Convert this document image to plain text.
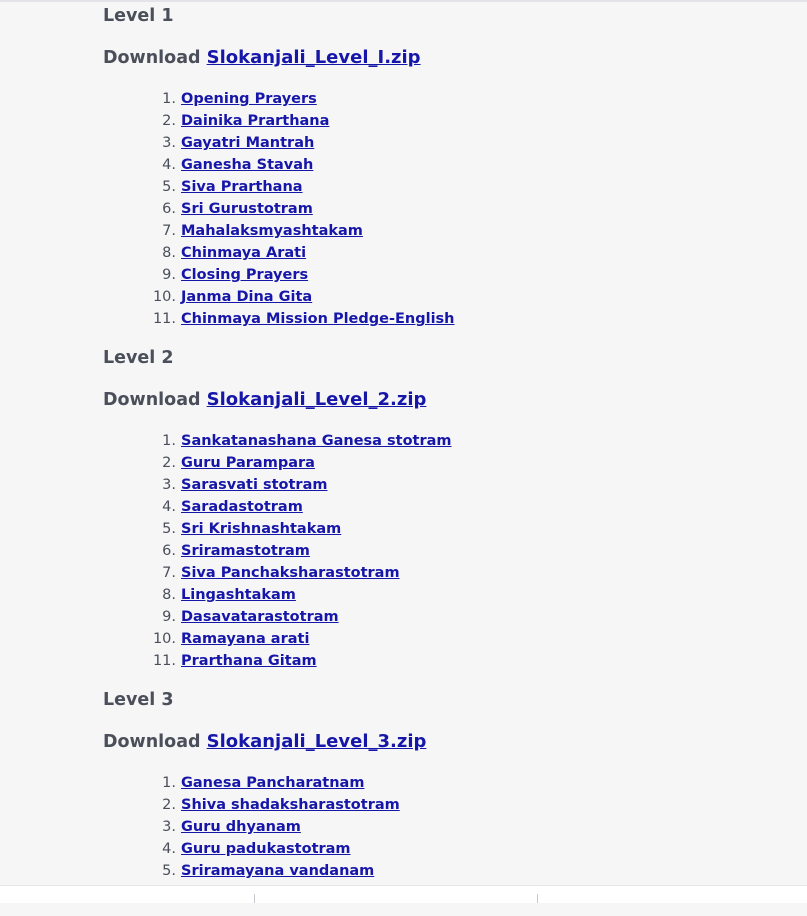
Level 1

Download Slokanjali_Level_I.zip

1. Opening Prayers
2. Dainika Prarthana
3. Gayatri Mantrah
4. Ganesha Stavah
5. Siva Prarthana
6. Sri Gurustotram
7. Mahalaksmyashtakam
8. Chinmaya Arati
9. Closing Prayers
10. Janma Dina Gita
11. Chinmaya Mission Pledge-English
Level 2

Download Slokanjali_Level_2.zip

1. Sankatanashana Ganesa stotram
2. Guru Parampara
3. Sarasvati stotram
4. Saradastotram
5. Sri Krishnashtakam
6. Sriramastotram
7. Siva Panchaksharastotram
8. Lingashtakam
9. Dasavatarastotram
10. Ramayana arati
11. Prarthana Gitam
Level 3

Download Slokanjali_Level_3.zip

1. Ganesa Pancharatnam
2. Shiva shadaksharastotram
3. Guru dhyanam
4. Guru padukastotram
5. Sriramayana vandanam
